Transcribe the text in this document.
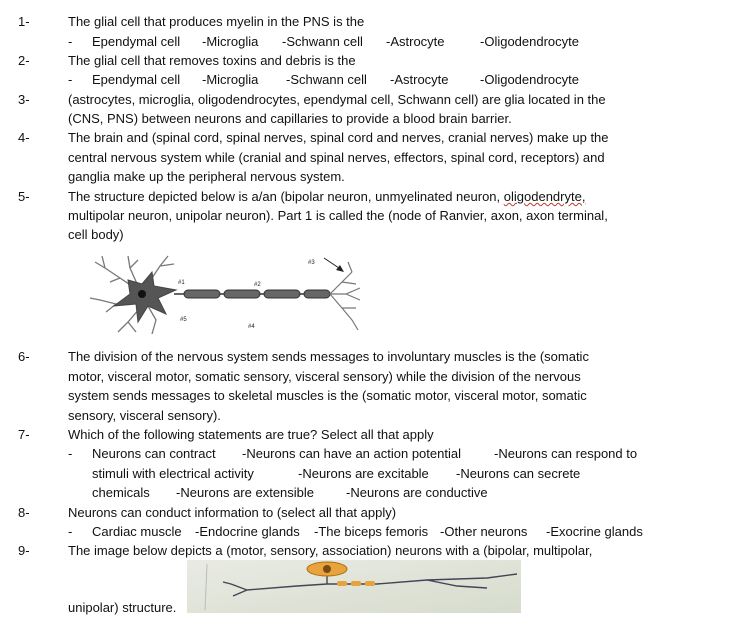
1-	The glial cell that produces myelin in the PNS is the
- Ependymal cell -Microglia -Schwann cell -Astrocyte	-Oligodendrocyte
2-	The glial cell that removes toxins and debris is the
- Ependymal cell -Microglia -Schwann cell -Astrocyte -Oligodendrocyte
3-	(astrocytes, microglia, oligodendrocytes, ependymal cell, Schwann cell) are glia located in the
(CNS, PNS) between neurons and capillaries to provide a blood brain barrier.
4-	The brain and (spinal cord, spinal nerves, spinal cord and nerves, cranial nerves) make up the
central nervous system while (cranial and spinal nerves, effectors, spinal cord, receptors) and
ganglia make up the peripheral nervous system.
5-	The structure depicted below is a/an (bipolar neuron, unmyelinated neuron, oligodendryte,
multipolar neuron, unipolar neuron). Part 1 is called the (node of Ranvier, axon, axon terminal,
cell body)
#1	#2
#3
#4
#5
6-	The division of the nervous system sends messages to involuntary muscles is the (somatic
motor, visceral motor, somatic sensory, visceral sensory) while the division of the nervous
system sends messages to skeletal muscles is the (somatic motor, visceral motor, somatic
sensory, visceral sensory).
7-	Which of the following statements are true? Select all that apply
- Neurons can contract -Neurons can have an action potential	-Neurons can respond to
stimuli with electrical activity	-Neurons are excitable -Neurons can secrete
chemicals -Neurons are extensible -Neurons are conductive
8-	Neurons can conduct information to (select all that apply)
- Cardiac muscle -Endocrine glands -The biceps femoris -Other neurons -Exocrine glands
9-	The image below depicts a (motor, sensory, association) neurons with a (bipolar, multipolar,
unipolar) structure.
